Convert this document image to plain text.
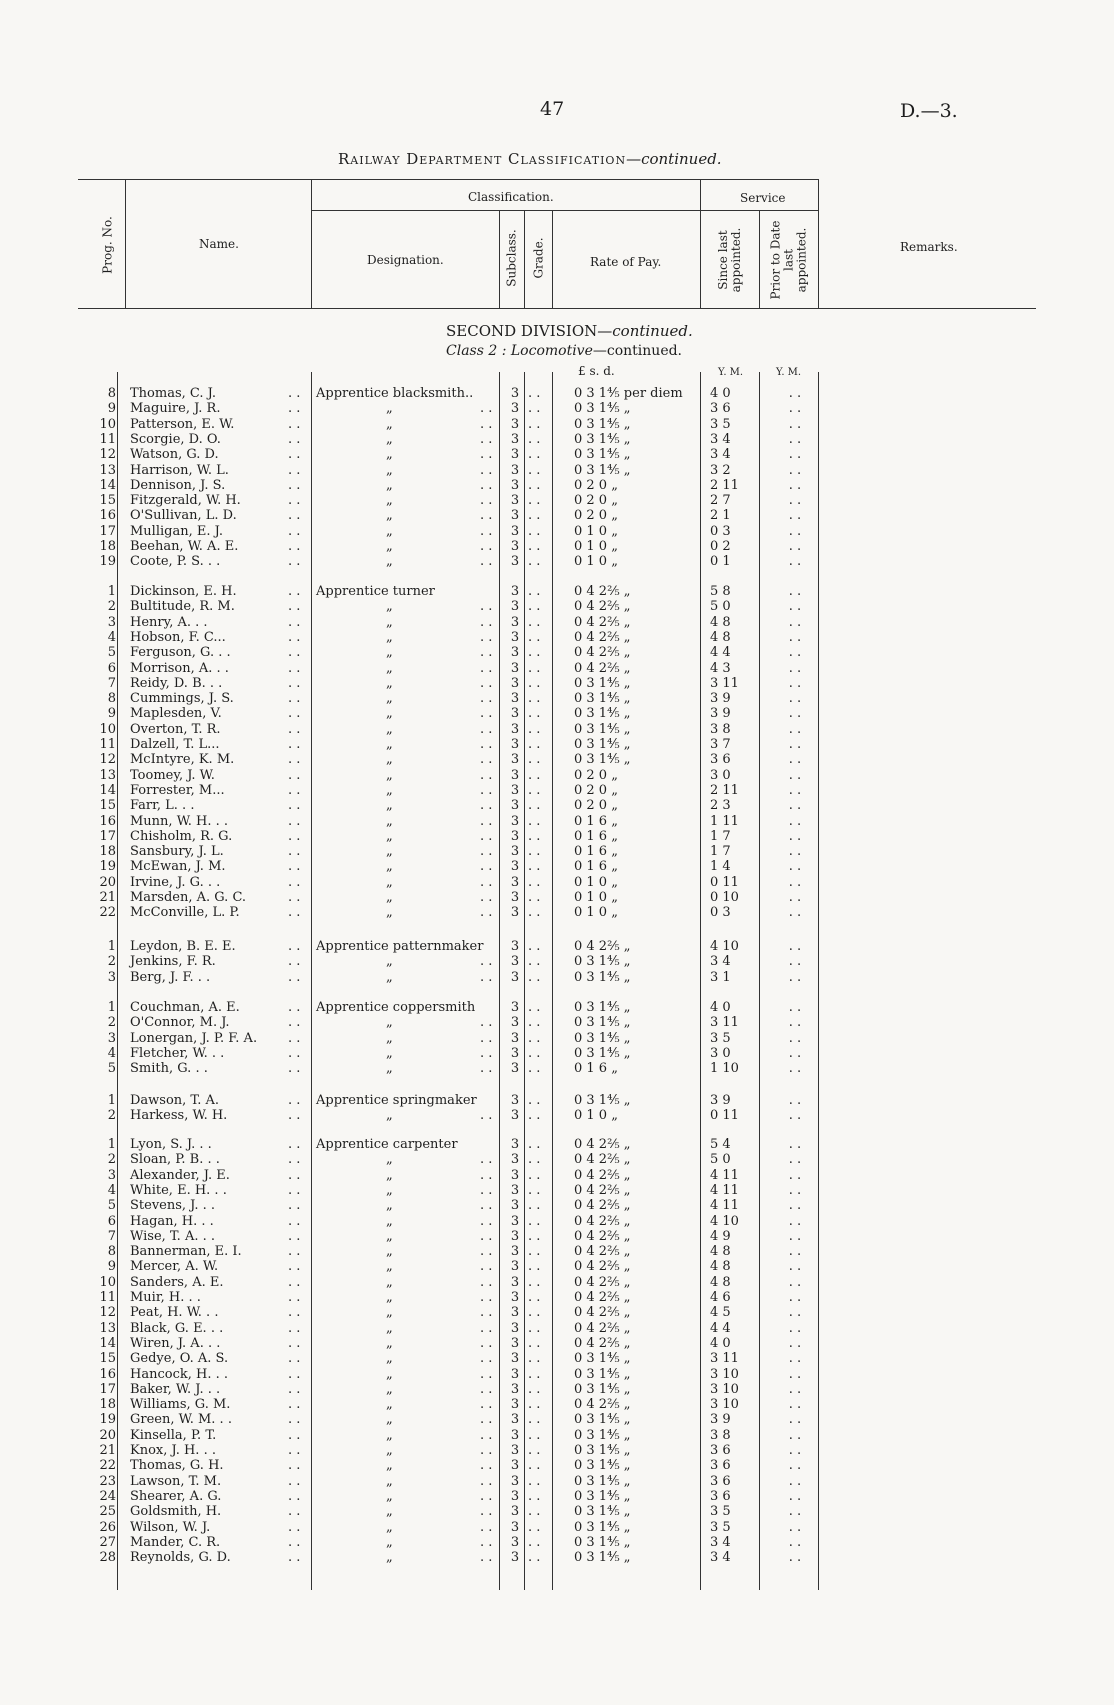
47	D.—3.
Railway Department Classification—continued.
Prog. No.	Name.
Classification.
Designation.	Subclass. Grade.	Rate of Pay.
Service
Since last appointed. Prior to Date last appointed.	Remarks.
SECOND DIVISION—continued.
Class 2 : Locomotive—continued.
£ s. d.	Y. M.	Y. M.
8 Thomas, C. J.	. . Apprentice blacksmith..	3 . .	0 3 1⅘ per diem	4 0	. .
9 Maguire, J. R.	. .	„	. .	3 . .	0 3 1⅘ „	3 6	. .
10 Patterson, E. W.	. .	„	. .	3 . .	0 3 1⅘ „	3 5	. .
11 Scorgie, D. O.	. .	„	. .	3 . .	0 3 1⅘ „	3 4	. .
12 Watson, G. D.	. .	„	. .	3 . .	0 3 1⅘ „	3 4	. .
13 Harrison, W. L.	. .	„	. .	3 . .	0 3 1⅘ „	3 2	. .
14 Dennison, J. S.	. .	„	. .	3 . .	0 2 0 „	2 11	. .
15 Fitzgerald, W. H.	. .	„	. .	3 . .	0 2 0 „	2 7	. .
16 O'Sullivan, L. D.	. .	„	. .	3 . .	0 2 0 „	2 1	. .
17 Mulligan, E. J.	. .	„	. .	3 . .	0 1 0 „	0 3	. .
18 Beehan, W. A. E.	. .	„	. .	3 . .	0 1 0 „	0 2	. .
19 Coote, P. S. . .	. .	„	. .	3 . .	0 1 0 „	0 1	. .
1 Dickinson, E. H.	. . Apprentice turner	3 . .	0 4 2⅖ „	5 8	. .
2 Bultitude, R. M.	. .	„	. .	3 . .	0 4 2⅖ „	5 0	. .
3 Henry, A. . .	. .	„	. .	3 . .	0 4 2⅖ „	4 8	. .
4 Hobson, F. C...	. .	„	. .	3 . .	0 4 2⅖ „	4 8	. .
5 Ferguson, G. . .	. .	„	. .	3 . .	0 4 2⅖ „	4 4	. .
6 Morrison, A. . .	. .	„	. .	3 . .	0 4 2⅖ „	4 3	. .
7 Reidy, D. B. . .	. .	„	. .	3 . .	0 3 1⅘ „	3 11	. .
8 Cummings, J. S.	. .	„	. .	3 . .	0 3 1⅘ „	3 9	. .
9 Maplesden, V.	. .	„	. .	3 . .	0 3 1⅘ „	3 9	. .
10 Overton, T. R.	. .	„	. .	3 . .	0 3 1⅘ „	3 8	. .
11 Dalzell, T. L...	. .	„	. .	3 . .	0 3 1⅘ „	3 7	. .
12 McIntyre, K. M.	. .	„	. .	3 . .	0 3 1⅘ „	3 6	. .
13 Toomey, J. W.	. .	„	. .	3 . .	0 2 0 „	3 0	. .
14 Forrester, M...	. .	„	. .	3 . .	0 2 0 „	2 11	. .
15 Farr, L. . .	. .	„	. .	3 . .	0 2 0 „	2 3	. .
16 Munn, W. H. . .	. .	„	. .	3 . .	0 1 6 „	1 11	. .
17 Chisholm, R. G.	. .	„	. .	3 . .	0 1 6 „	1 7	. .
18 Sansbury, J. L.	. .	„	. .	3 . .	0 1 6 „	1 7	. .
19 McEwan, J. M.	. .	„	. .	3 . .	0 1 6 „	1 4	. .
20 Irvine, J. G. . .	. .	„	. .	3 . .	0 1 0 „	0 11	. .
21 Marsden, A. G. C.	. .	„	. .	3 . .	0 1 0 „	0 10	. .
22 McConville, L. P.	. .	„	. .	3 . .	0 1 0 „	0 3	. .
1 Leydon, B. E. E.	. . Apprentice patternmaker	3 . .	0 4 2⅖ „	4 10	. .
2 Jenkins, F. R.	. .	„	. .	3 . .	0 3 1⅘ „	3 4	. .
3 Berg, J. F. . .	. .	„	. .	3 . .	0 3 1⅘ „	3 1	. .
1 Couchman, A. E.	. . Apprentice coppersmith	3 . .	0 3 1⅘ „	4 0	. .
2 O'Connor, M. J.	. .	„	. .	3 . .	0 3 1⅘ „	3 11	. .
3 Lonergan, J. P. F. A. . .	„	. .	3 . .	0 3 1⅘ „	3 5	. .
4 Fletcher, W. . .	. .	„	. .	3 . .	0 3 1⅘ „	3 0	. .
5 Smith, G. . .	. .	„	. .	3 . .	0 1 6 „	1 10	. .
1 Dawson, T. A.	. . Apprentice springmaker	3 . .	0 3 1⅘ „	3 9	. .
2 Harkess, W. H.	. .	„	. .	3 . .	0 1 0 „	0 11	. .
1 Lyon, S. J. . .	. . Apprentice carpenter	3 . .	0 4 2⅖ „	5 4	. .
2 Sloan, P. B. . .	. .	„	. .	3 . .	0 4 2⅖ „	5 0	. .
3 Alexander, J. E.	. .	„	. .	3 . .	0 4 2⅖ „	4 11	. .
4 White, E. H. . .	. .	„	. .	3 . .	0 4 2⅖ „	4 11	. .
5 Stevens, J. . .	. .	„	. .	3 . .	0 4 2⅖ „	4 11	. .
6 Hagan, H. . .	. .	„	. .	3 . .	0 4 2⅖ „	4 10	. .
7 Wise, T. A. . .	. .	„	. .	3 . .	0 4 2⅖ „	4 9	. .
8 Bannerman, E. I.	. .	„	. .	3 . .	0 4 2⅖ „	4 8	. .
9 Mercer, A. W.	. .	„	. .	3 . .	0 4 2⅖ „	4 8	. .
10 Sanders, A. E.	. .	„	. .	3 . .	0 4 2⅖ „	4 8	. .
11 Muir, H. . .	. .	„	. .	3 . .	0 4 2⅖ „	4 6	. .
12 Peat, H. W. . .	. .	„	. .	3 . .	0 4 2⅖ „	4 5	. .
13 Black, G. E. . .	. .	„	. .	3 . .	0 4 2⅖ „	4 4	. .
14 Wiren, J. A. . .	. .	„	. .	3 . .	0 4 2⅖ „	4 0	. .
15 Gedye, O. A. S.	. .	„	. .	3 . .	0 3 1⅘ „	3 11	. .
16 Hancock, H. . .	. .	„	. .	3 . .	0 3 1⅘ „	3 10	. .
17 Baker, W. J. . .	. .	„	. .	3 . .	0 3 1⅘ „	3 10	. .
18 Williams, G. M.	. .	„	. .	3 . .	0 4 2⅖ „	3 10	. .
19 Green, W. M. . .	. .	„	. .	3 . .	0 3 1⅘ „	3 9	. .
20 Kinsella, P. T.	. .	„	. .	3 . .	0 3 1⅘ „	3 8	. .
21 Knox, J. H. . .	. .	„	. .	3 . .	0 3 1⅘ „	3 6	. .
22 Thomas, G. H.	. .	„	. .	3 . .	0 3 1⅘ „	3 6	. .
23 Lawson, T. M.	. .	„	. .	3 . .	0 3 1⅘ „	3 6	. .
24 Shearer, A. G.	. .	„	. .	3 . .	0 3 1⅘ „	3 6	. .
25 Goldsmith, H.	. .	„	. .	3 . .	0 3 1⅘ „	3 5	. .
26 Wilson, W. J.	. .	„	. .	3 . .	0 3 1⅘ „	3 5	. .
27 Mander, C. R.	. .	„	. .	3 . .	0 3 1⅘ „	3 4	. .
28 Reynolds, G. D.	. .	„	. .	3 . .	0 3 1⅘ „	3 4	. .
